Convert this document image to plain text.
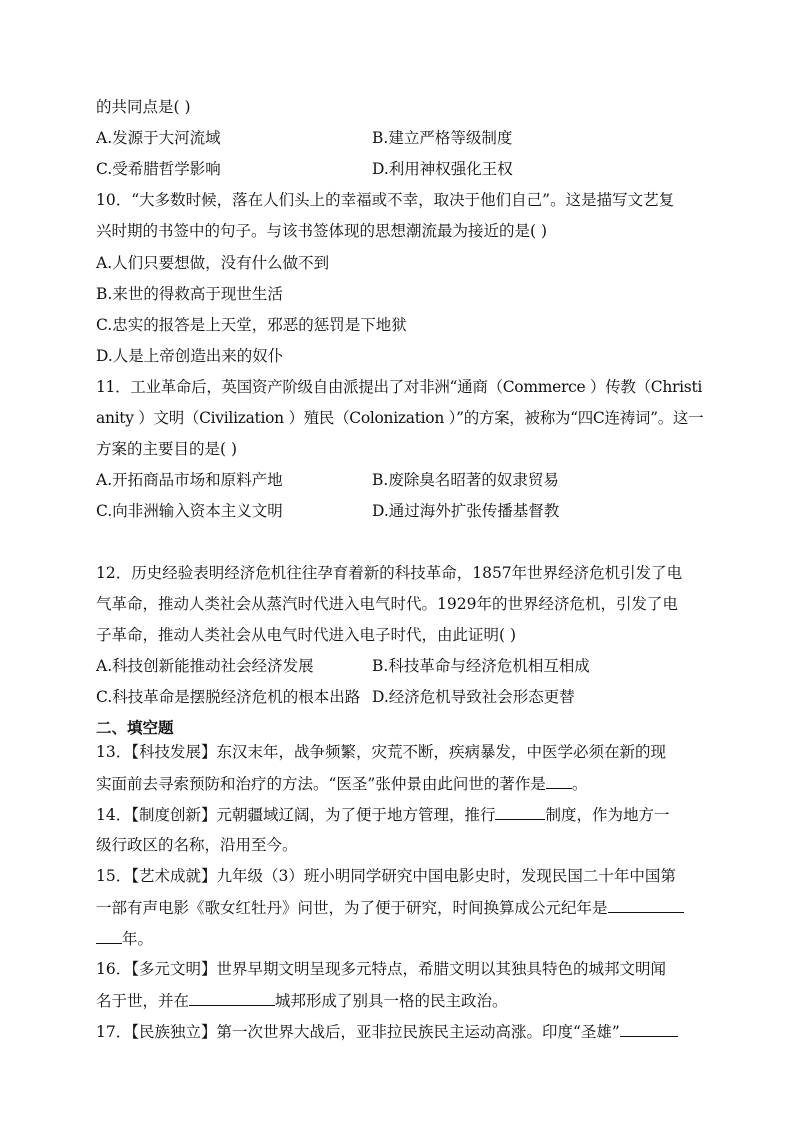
的共同点是( )
A.发源于大河流域	B.建立严格等级制度
C.受希腊哲学影响	D.利用神权强化王权
10．“大多数时候，落在人们头上的幸福或不幸，取决于他们自己”。这是描写文艺复
兴时期的书签中的句子。与该书签体现的思想潮流最为接近的是( )
A.人们只要想做，没有什么做不到
B.来世的得救高于现世生活
C.忠实的报答是上天堂，邪恶的惩罚是下地狱
D.人是上帝创造出来的奴仆
11．工业革命后，英国资产阶级自由派提出了对非洲“通商（Commerce ）传教（Christi
anity ）文明（Civilization ）殖民（Colonization ）”的方案，被称为“四C连祷词”。这一
方案的主要目的是( )
A.开拓商品市场和原料产地	B.废除臭名昭著的奴隶贸易
C.向非洲输入资本主义文明	D.通过海外扩张传播基督教
12．历史经验表明经济危机往往孕育着新的科技革命，1857年世界经济危机引发了电
气革命，推动人类社会从蒸汽时代进入电气时代。1929年的世界经济危机，引发了电
子革命，推动人类社会从电气时代进入电子时代，由此证明( )
A.科技创新能推动社会经济发展	B.科技革命与经济危机相互相成
C.科技革命是摆脱经济危机的根本出路 D.经济危机导致社会形态更替
二、填空题
13．【科技发展】东汉末年，战争频繁，灾荒不断，疾病暴发，中医学必须在新的现
实面前去寻索预防和治疗的方法。“医圣”张仲景由此问世的著作是 。
14．【制度创新】元朝疆域辽阔，为了便于地方管理，推行	制度，作为地方一
级行政区的名称，沿用至今。
15．【艺术成就】九年级（3）班小明同学研究中国电影史时，发现民国二十年中国第
一部有声电影《歌女红牡丹》问世，为了便于研究，时间换算成公元纪年是
年。
16．【多元文明】世界早期文明呈现多元特点，希腊文明以其独具特色的城邦文明闻
名于世，并在	城邦形成了别具一格的民主政治。
17．【民族独立】第一次世界大战后，亚非拉民族民主运动高涨。印度“圣雄”
